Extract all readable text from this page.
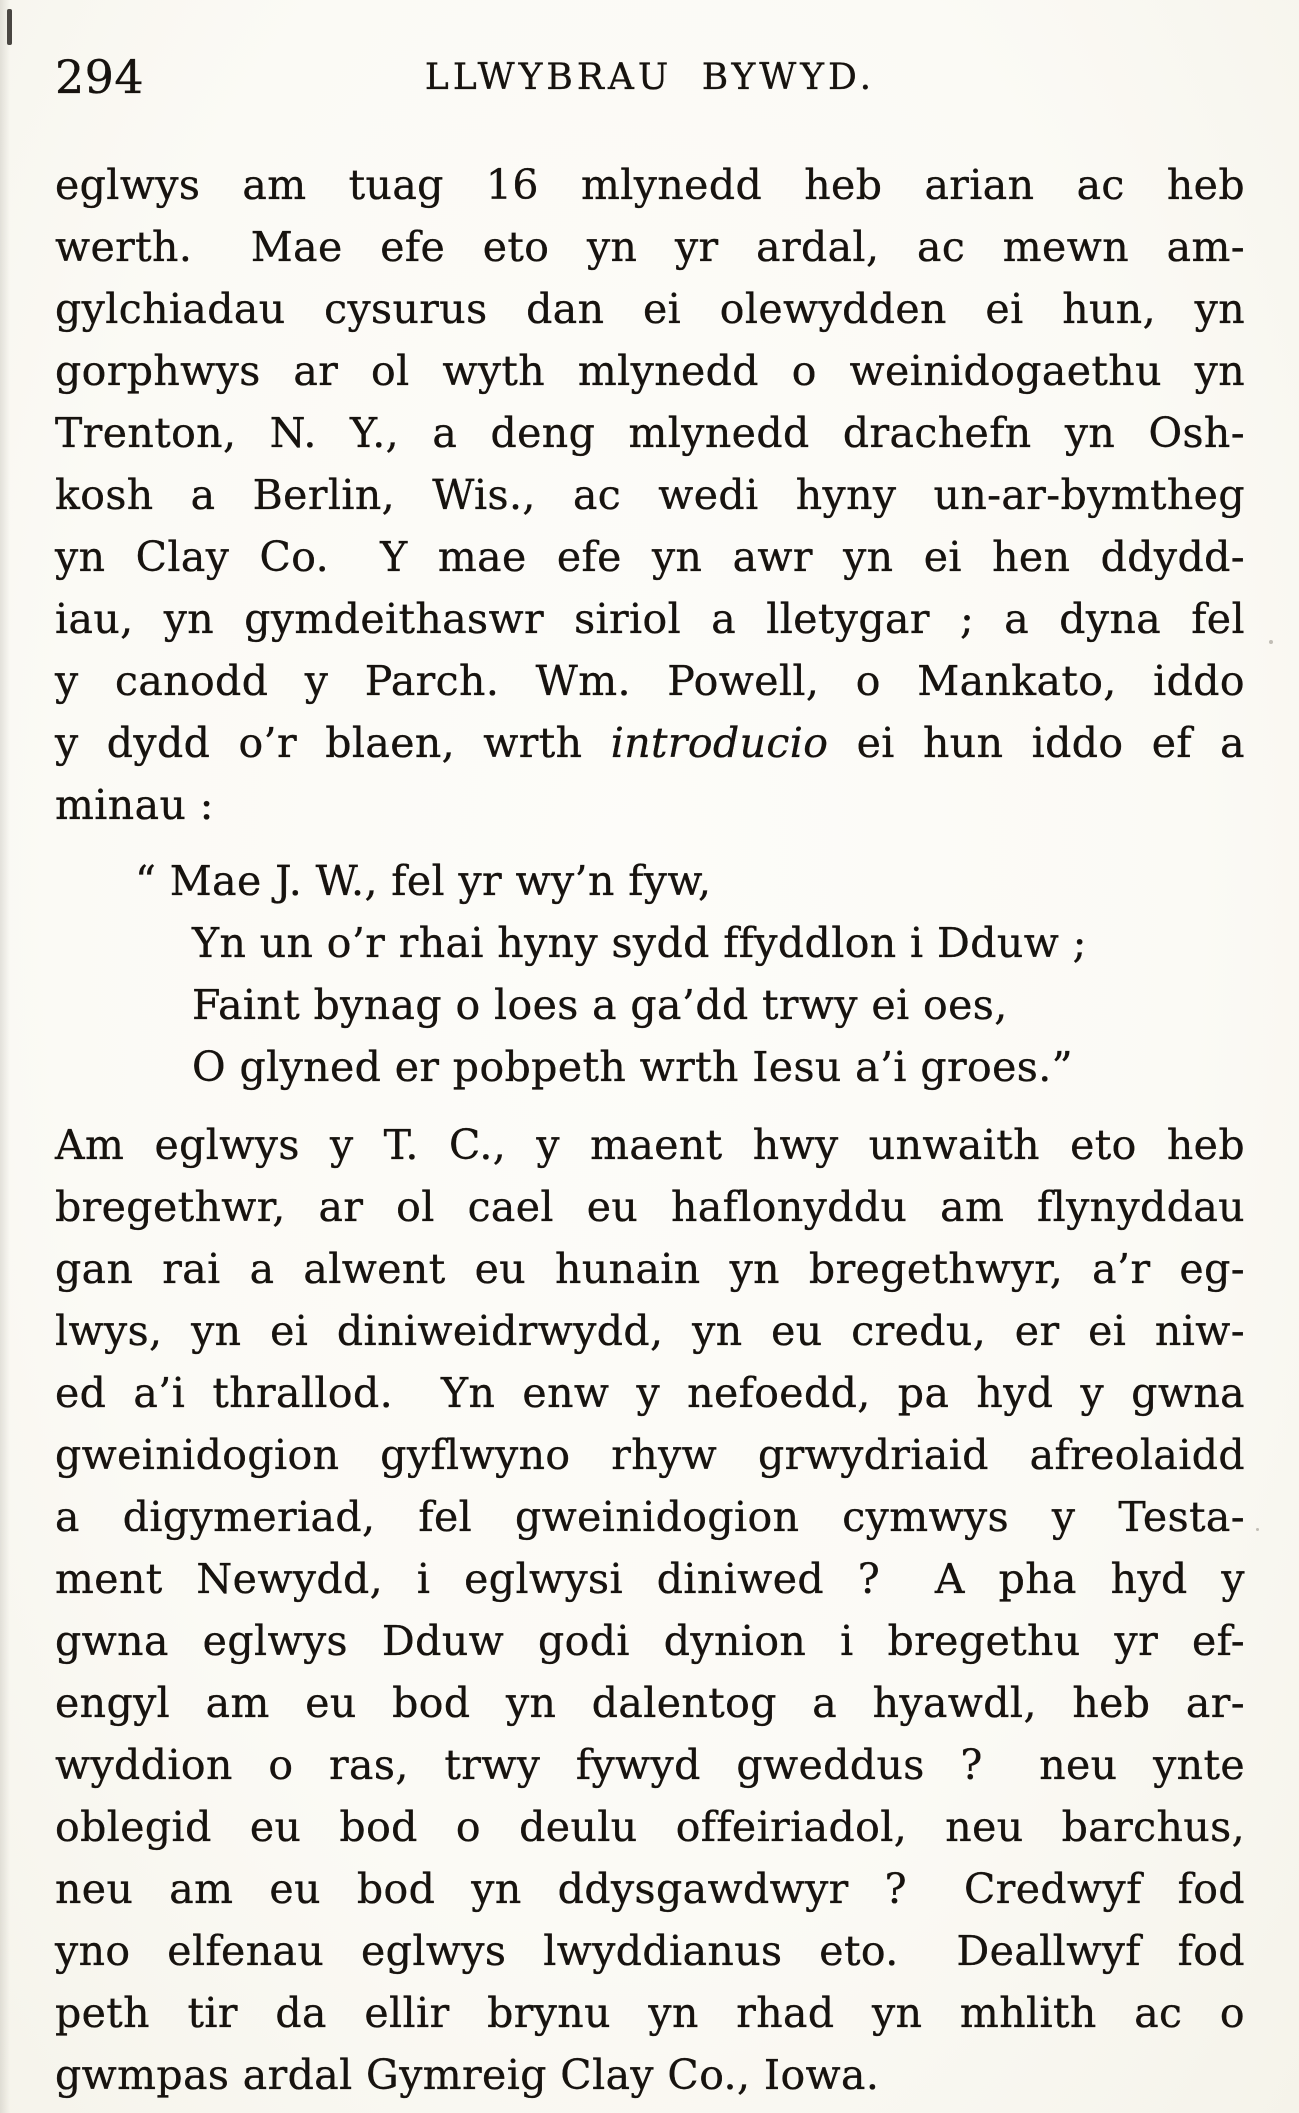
294	LLWYBRAU BYWYD.
eglwys am tuag 16 mlynedd heb arian ac heb
werth.  Mae efe eto yn yr ardal, ac mewn am-
gylchiadau cysurus dan ei olewydden ei hun, yn
gorphwys ar ol wyth mlynedd o weinidogaethu yn
Trenton, N. Y., a deng mlynedd drachefn yn Osh-
kosh a Berlin, Wis., ac wedi hyny un-ar-bymtheg
yn Clay Co.  Y mae efe yn awr yn ei hen ddydd-
iau, yn gymdeithaswr siriol a lletygar ; a dyna fel
y canodd y Parch. Wm. Powell, o Mankato, iddo
y dydd o’r blaen, wrth introducio ei hun iddo ef a
minau :
“ Mae J. W., fel yr wy’n fyw,
Yn un o’r rhai hyny sydd ffyddlon i Dduw ;
Faint bynag o loes a ga’dd trwy ei oes,
O glyned er pobpeth wrth Iesu a’i groes.”
Am eglwys y T. C., y maent hwy unwaith eto heb
bregethwr, ar ol cael eu haflonyddu am flynyddau
gan rai a alwent eu hunain yn bregethwyr, a’r eg-
lwys, yn ei diniweidrwydd, yn eu credu, er ei niw-
ed a’i thrallod.  Yn enw y nefoedd, pa hyd y gwna
gweinidogion gyflwyno rhyw grwydriaid afreolaidd
a digymeriad, fel gweinidogion cymwys y Testa-
ment Newydd, i eglwysi diniwed ?  A pha hyd y
gwna eglwys Dduw godi dynion i bregethu yr ef-
engyl am eu bod yn dalentog a hyawdl, heb ar-
wyddion o ras, trwy fywyd gweddus ?  neu ynte
oblegid eu bod o deulu offeiriadol, neu barchus,
neu am eu bod yn ddysgawdwyr ?  Credwyf fod
yno elfenau eglwys lwyddianus eto.  Deallwyf fod
peth tir da ellir brynu yn rhad yn mhlith ac o
gwmpas ardal Gymreig Clay Co., Iowa.
